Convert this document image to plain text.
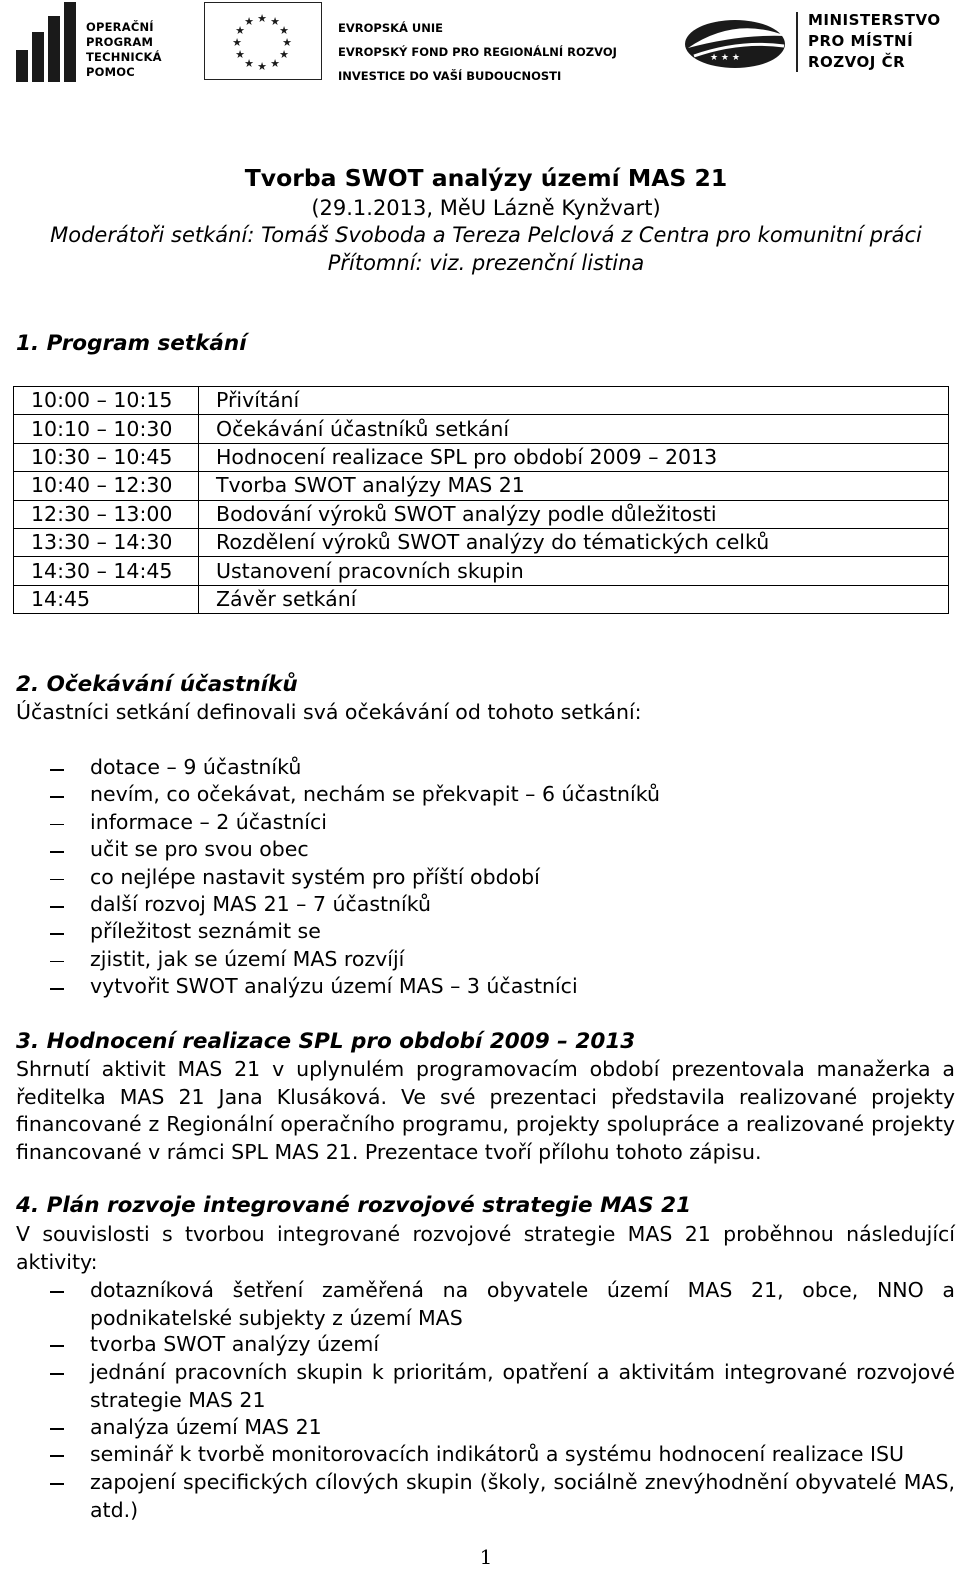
OPERAČNÍ
PROGRAM
TECHNICKÁ
POMOC
★ ★
★
★
★
★
★
★
★
★
★
★	EVROPSKÁ UNIE
EVROPSKÝ FOND PRO REGIONÁLNÍ ROZVOJ
INVESTICE DO VAŠÍ BUDOUCNOSTI
★ ★ ★
MINISTERSTVO
PRO MÍSTNÍ
ROZVOJ ČR
Tvorba SWOT analýzy území MAS 21
(29.1.2013, MěU Lázně Kynžvart)
Moderátoři setkání: Tomáš Svoboda a Tereza Pelclová z Centra pro komunitní práci
Přítomní: viz. prezenční listina
1. Program setkání
10:00 – 10:15	Přivítání
10:10 – 10:30	Očekávání účastníků setkání
10:30 – 10:45	Hodnocení realizace SPL pro období 2009 – 2013
10:40 – 12:30	Tvorba SWOT analýzy MAS 21
12:30 – 13:00	Bodování výroků SWOT analýzy podle důležitosti
13:30 – 14:30	Rozdělení výroků SWOT analýzy do tématických celků
14:30 – 14:45	Ustanovení pracovních skupin
14:45	Závěr setkání
2. Očekávání účastníků
Účastníci setkání definovali svá očekávání od tohoto setkání:
dotace – 9 účastníků
nevím, co očekávat, nechám se překvapit – 6 účastníků
informace – 2 účastníci
učit se pro svou obec
co nejlépe nastavit systém pro příští období
další rozvoj MAS 21 – 7 účastníků
příležitost seznámit se
zjistit, jak se území MAS rozvíjí
vytvořit SWOT analýzu území MAS – 3 účastníci
3. Hodnocení realizace SPL pro období 2009 – 2013
Shrnutí aktivit MAS 21 v uplynulém programovacím období prezentovala manažerka a ředitelka MAS 21 Jana Klusáková. Ve své prezentaci představila realizované projekty financované z Regionální operačního programu, projekty spolupráce a realizované projekty financované v rámci SPL MAS 21. Prezentace tvoří přílohu tohoto zápisu.
4. Plán rozvoje integrované rozvojové strategie MAS 21
V souvislosti s tvorbou integrované rozvojové strategie MAS 21 proběhnou následující aktivity:
dotazníková šetření zaměřená na obyvatele území MAS 21, obce, NNO a podnikatelské subjekty z území MAS
tvorba SWOT analýzy území
jednání pracovních skupin k prioritám, opatření a aktivitám integrované rozvojové strategie MAS 21
analýza území MAS 21
seminář k tvorbě monitorovacích indikátorů a systému hodnocení realizace ISU
zapojení specifických cílových skupin (školy, sociálně znevýhodnění obyvatelé MAS, atd.)
1
